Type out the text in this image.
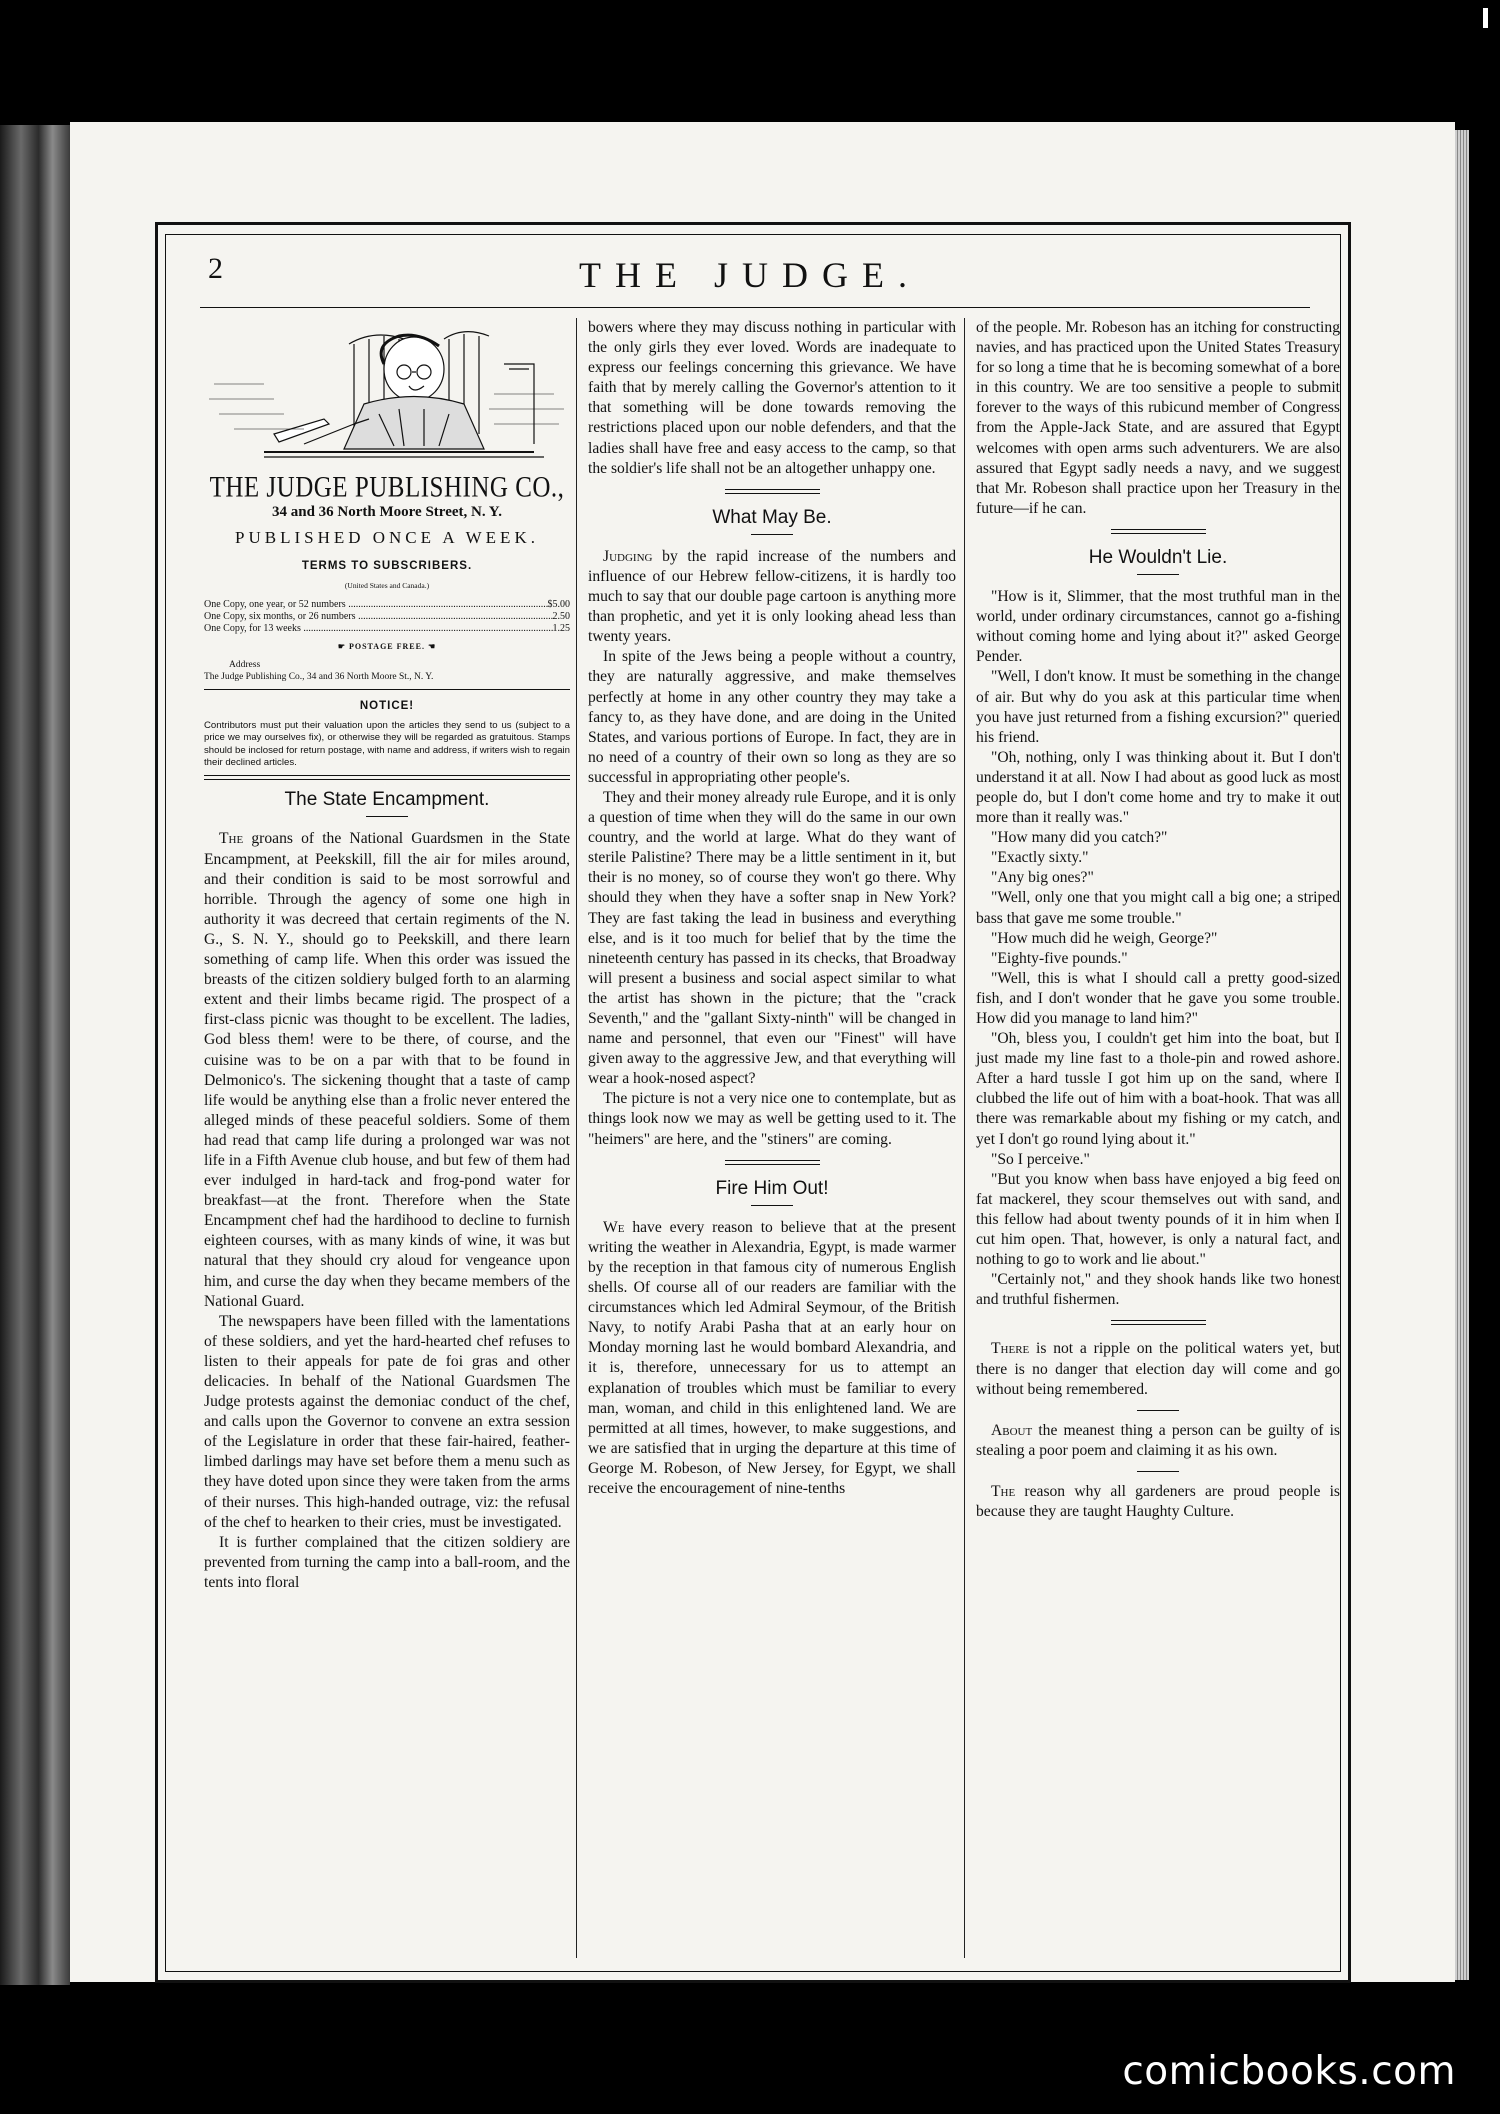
2	THE JUDGE.
THE JUDGE PUBLISHING CO.,
34 and 36 North Moore Street, N. Y.
PUBLISHED ONCE A WEEK.
TERMS TO SUBSCRIBERS.
(United States and Canada.)
One Copy, one year, or 52 numbers .....	$5.00
One Copy, six months, or 26 numbers .....	2.50
One Copy, for 13 weeks .....	1.25
☛ POSTAGE FREE. ☚
Address
The Judge Publishing Co., 34 and 36 North Moore St., N. Y.
NOTICE!
Contributors must put their valuation upon the articles they send to us (subject to a price we may ourselves fix), or otherwise they will be regarded as gratuitous. Stamps should be inclosed for return postage, with name and address, if writers wish to regain their declined articles.
The State Encampment.

The groans of the National Guardsmen in the State Encampment, at Peekskill, fill the air for miles around, and their condition is said to be most sorrowful and horrible. Through the agency of some one high in authority it was decreed that certain regiments of the N. G., S. N. Y., should go to Peekskill, and there learn something of camp life. When this order was issued the breasts of the citizen soldiery bulged forth to an alarming extent and their limbs became rigid. The prospect of a first-class picnic was thought to be excellent. The ladies, God bless them! were to be there, of course, and the cuisine was to be on a par with that to be found in Delmonico's. The sickening thought that a taste of camp life would be anything else than a frolic never entered the alleged minds of these peaceful soldiers. Some of them had read that camp life during a prolonged war was not life in a Fifth Avenue club house, and but few of them had ever indulged in hard-tack and frog-pond water for breakfast—at the front. Therefore when the State Encampment chef had the hardihood to decline to furnish eighteen courses, with as many kinds of wine, it was but natural that they should cry aloud for vengeance upon him, and curse the day when they became members of the National Guard.

The newspapers have been filled with the lamentations of these soldiers, and yet the hard-hearted chef refuses to listen to their appeals for pate de foi gras and other delicacies. In behalf of the National Guardsmen The Judge protests against the demoniac conduct of the chef, and calls upon the Governor to convene an extra session of the Legislature in order that these fair-haired, feather-limbed darlings may have set before them a menu such as they have doted upon since they were taken from the arms of their nurses. This high-handed outrage, viz: the refusal of the chef to hearken to their cries, must be investigated.

It is further complained that the citizen soldiery are prevented from turning the camp into a ball-room, and the tents into floral

bowers where they may discuss nothing in particular with the only girls they ever loved. Words are inadequate to express our feelings concerning this grievance. We have faith that by merely calling the Governor's attention to it that something will be done towards removing the restrictions placed upon our noble defenders, and that the ladies shall have free and easy access to the camp, so that the soldier's life shall not be an altogether unhappy one.

What May Be.

Judging by the rapid increase of the numbers and influence of our Hebrew fellow-citizens, it is hardly too much to say that our double page cartoon is anything more than prophetic, and yet it is only looking ahead less than twenty years.

In spite of the Jews being a people without a country, they are naturally aggressive, and make themselves perfectly at home in any other country they may take a fancy to, as they have done, and are doing in the United States, and various portions of Europe. In fact, they are in no need of a country of their own so long as they are so successful in appropriating other people's.

They and their money already rule Europe, and it is only a question of time when they will do the same in our own country, and the world at large. What do they want of sterile Palistine? There may be a little sentiment in it, but their is no money, so of course they won't go there. Why should they when they have a softer snap in New York? They are fast taking the lead in business and everything else, and is it too much for belief that by the time the nineteenth century has passed in its checks, that Broadway will present a business and social aspect similar to what the artist has shown in the picture; that the "crack Seventh," and the "gallant Sixty-ninth" will be changed in name and personnel, that even our "Finest" will have given away to the aggressive Jew, and that everything will wear a hook-nosed aspect?

The picture is not a very nice one to contemplate, but as things look now we may as well be getting used to it. The "heimers" are here, and the "stiners" are coming.

Fire Him Out!

We have every reason to believe that at the present writing the weather in Alexandria, Egypt, is made warmer by the reception in that famous city of numerous English shells. Of course all of our readers are familiar with the circumstances which led Admiral Seymour, of the British Navy, to notify Arabi Pasha that at an early hour on Monday morning last he would bombard Alexandria, and it is, therefore, unnecessary for us to attempt an explanation of troubles which must be familiar to every man, woman, and child in this enlightened land. We are permitted at all times, however, to make suggestions, and we are satisfied that in urging the departure at this time of George M. Robeson, of New Jersey, for Egypt, we shall receive the encouragement of nine-tenths

of the people. Mr. Robeson has an itching for constructing navies, and has practiced upon the United States Treasury for so long a time that he is becoming somewhat of a bore in this country. We are too sensitive a people to submit forever to the ways of this rubicund member of Congress from the Apple-Jack State, and are assured that Egypt welcomes with open arms such adventurers. We are also assured that Egypt sadly needs a navy, and we suggest that Mr. Robeson shall practice upon her Treasury in the future—if he can.

He Wouldn't Lie.

"How is it, Slimmer, that the most truthful man in the world, under ordinary circumstances, cannot go a-fishing without coming home and lying about it?" asked George Pender.

"Well, I don't know. It must be something in the change of air. But why do you ask at this particular time when you have just returned from a fishing excursion?" queried his friend.

"Oh, nothing, only I was thinking about it. But I don't understand it at all. Now I had about as good luck as most people do, but I don't come home and try to make it out more than it really was."

"How many did you catch?"

"Exactly sixty."

"Any big ones?"

"Well, only one that you might call a big one; a striped bass that gave me some trouble."

"How much did he weigh, George?"

"Eighty-five pounds."

"Well, this is what I should call a pretty good-sized fish, and I don't wonder that he gave you some trouble. How did you manage to land him?"

"Oh, bless you, I couldn't get him into the boat, but I just made my line fast to a thole-pin and rowed ashore. After a hard tussle I got him up on the sand, where I clubbed the life out of him with a boat-hook. That was all there was remarkable about my fishing or my catch, and yet I don't go round lying about it."

"So I perceive."

"But you know when bass have enjoyed a big feed on fat mackerel, they scour themselves out with sand, and this fellow had about twenty pounds of it in him when I cut him open. That, however, is only a natural fact, and nothing to go to work and lie about."

"Certainly not," and they shook hands like two honest and truthful fishermen.

There is not a ripple on the political waters yet, but there is no danger that election day will come and go without being remembered.

About the meanest thing a person can be guilty of is stealing a poor poem and claiming it as his own.

The reason why all gardeners are proud people is because they are taught Haughty Culture.

comicbooks.com
